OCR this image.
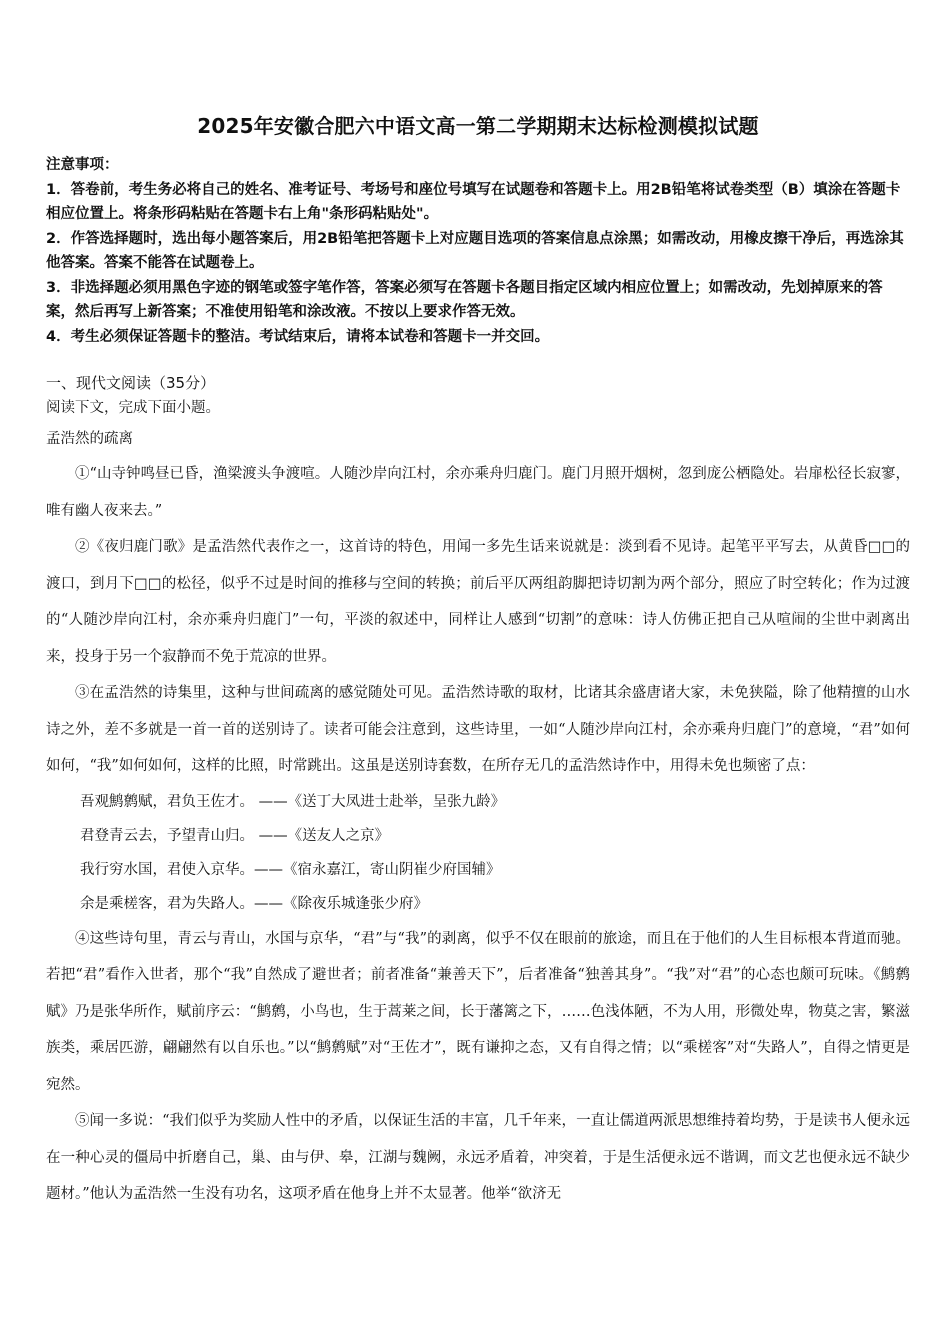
2025年安徽合肥六中语文高一第二学期期末达标检测模拟试题

注意事项：

1．答卷前，考生务必将自己的姓名、准考证号、考场号和座位号填写在试题卷和答题卡上。用2B铅笔将试卷类型（B）填涂在答题卡相应位置上。将条形码粘贴在答题卡右上角"条形码粘贴处"。

2．作答选择题时，选出每小题答案后，用2B铅笔把答题卡上对应题目选项的答案信息点涂黑；如需改动，用橡皮擦干净后，再选涂其他答案。答案不能答在试题卷上。

3．非选择题必须用黑色字迹的钢笔或签字笔作答，答案必须写在答题卡各题目指定区域内相应位置上；如需改动，先划掉原来的答案，然后再写上新答案；不准使用铅笔和涂改液。不按以上要求作答无效。

4．考生必须保证答题卡的整洁。考试结束后，请将本试卷和答题卡一并交回。

一、现代文阅读（35分）
阅读下文，完成下面小题。
孟浩然的疏离

①“山寺钟鸣昼已昏，渔梁渡头争渡喧。人随沙岸向江村，余亦乘舟归鹿门。鹿门月照开烟树，忽到庞公栖隐处。岩扉松径长寂寥，唯有幽人夜来去。”

②《夜归鹿门歌》是孟浩然代表作之一，这首诗的特色，用闻一多先生话来说就是：淡到看不见诗。起笔平平写去，从黄昏□□的渡口，到月下□□的松径，似乎不过是时间的推移与空间的转换；前后平仄两组韵脚把诗切割为两个部分，照应了时空转化；作为过渡的“人随沙岸向江村，余亦乘舟归鹿门”一句，平淡的叙述中，同样让人感到“切割”的意味：诗人仿佛正把自己从喧闹的尘世中剥离出来，投身于另一个寂静而不免于荒凉的世界。

③在孟浩然的诗集里，这种与世间疏离的感觉随处可见。孟浩然诗歌的取材，比诸其余盛唐诸大家，未免狭隘，除了他精擅的山水诗之外，差不多就是一首一首的送别诗了。读者可能会注意到，这些诗里，一如“人随沙岸向江村，余亦乘舟归鹿门”的意境，“君”如何如何，“我”如何如何，这样的比照，时常跳出。这虽是送别诗套数，在所存无几的孟浩然诗作中，用得未免也频密了点：

吾观鹪鹩赋，君负王佐才。 ——《送丁大凤进士赴举，呈张九龄》

君登青云去，予望青山归。 ——《送友人之京》

我行穷水国，君使入京华。——《宿永嘉江，寄山阴崔少府国辅》

余是乘槎客，君为失路人。——《除夜乐城逢张少府》

④这些诗句里，青云与青山，水国与京华，“君”与“我”的剥离，似乎不仅在眼前的旅途，而且在于他们的人生目标根本背道而驰。若把“君”看作入世者，那个“我”自然成了避世者；前者准备“兼善天下”，后者准备“独善其身”。“我”对“君”的心态也颇可玩味。《鹪鹩赋》乃是张华所作，赋前序云：“鹪鹩，小鸟也，生于蒿莱之间，长于藩篱之下，……色浅体陋，不为人用，形微处卑，物莫之害，繁滋族类，乘居匹游，翩翩然有以自乐也。”以“鹪鹩赋”对“王佐才”，既有谦抑之态，又有自得之情；以“乘槎客”对“失路人”，自得之情更是宛然。

⑤闻一多说：“我们似乎为奖励人性中的矛盾，以保证生活的丰富，几千年来，一直让儒道两派思想维持着均势，于是读书人便永远在一种心灵的僵局中折磨自己，巢、由与伊、皋，江湖与魏阙，永远矛盾着，冲突着，于是生活便永远不谐调，而文艺也便永远不缺少题材。”他认为孟浩然一生没有功名，这项矛盾在他身上并不太显著。他举“欲济无
